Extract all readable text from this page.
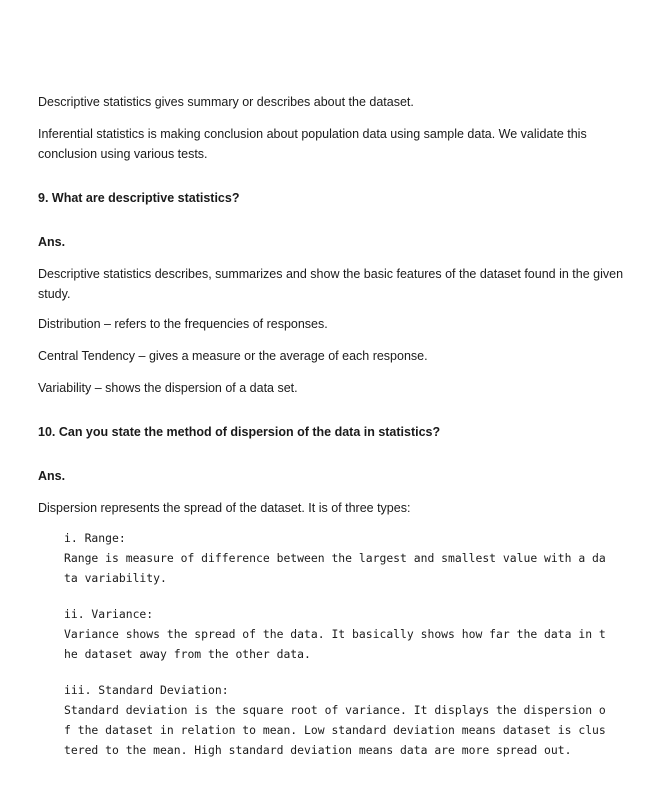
Descriptive statistics gives summary or describes about the dataset.
Inferential statistics is making conclusion about population data using sample data. We validate this conclusion using various tests.
9. What are descriptive statistics?
Ans.
Descriptive statistics describes, summarizes and show the basic features of the dataset found in the given study.
Distribution – refers to the frequencies of responses.
Central Tendency – gives a measure or the average of each response.
Variability – shows the dispersion of a data set.
10. Can you state the method of dispersion of the data in statistics?
Ans.
Dispersion represents the spread of the dataset. It is of three types:
i. Range:
Range is measure of difference between the largest and smallest value with a da
ta variability.
ii. Variance:
Variance shows the spread of the data. It basically shows how far the data in t
he dataset away from the other data.
iii. Standard Deviation:
Standard deviation is the square root of variance. It displays the dispersion o
f the dataset in relation to mean. Low standard deviation means dataset is clus
tered to the mean. High standard deviation means data are more spread out.
